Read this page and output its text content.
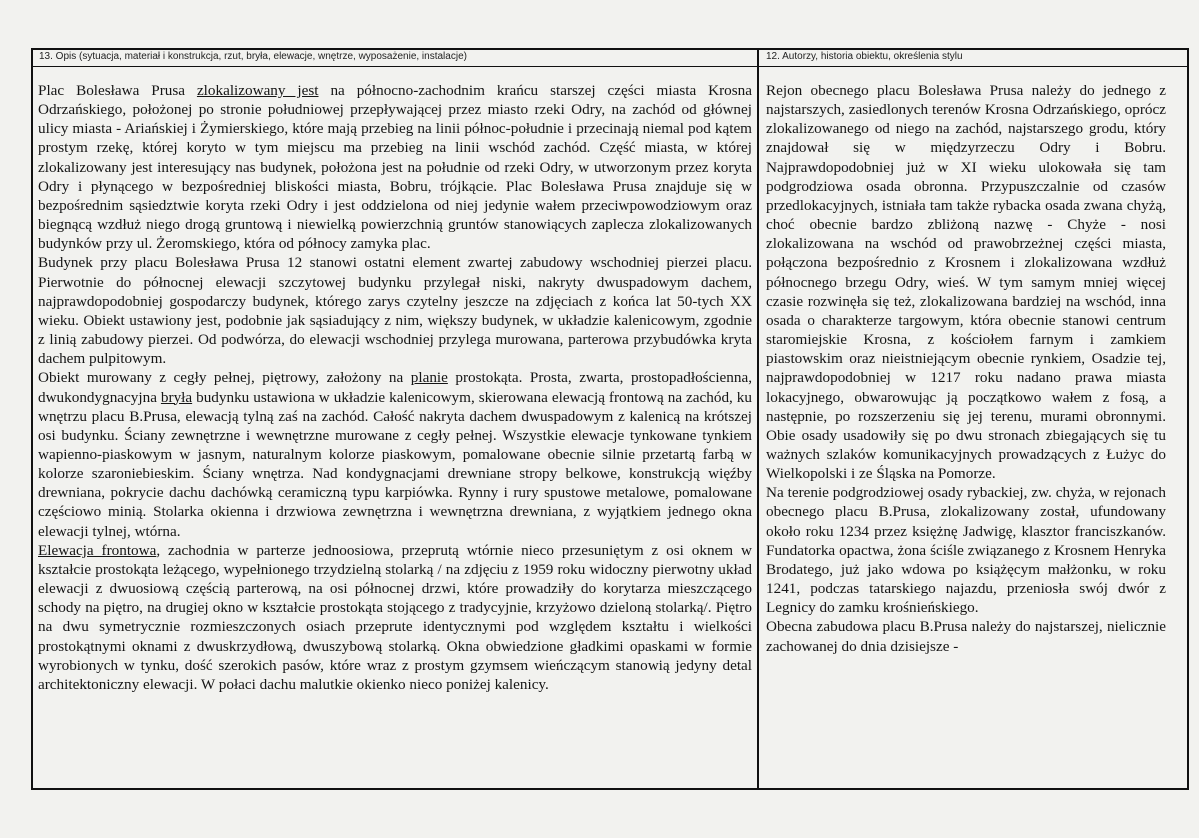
13. Opis (sytuacja, materiał i konstrukcja, rzut, bryła, elewacje, wnętrze, wyposażenie, instalacje)	12. Autorzy, historia obiektu, określenia stylu

Plac Bolesława Prusa zlokalizowany jest na północno-zachodnim krańcu starszej części miasta Krosna Odrzańskiego, położonej po stronie południowej przepływającej przez miasto rzeki Odry, na zachód od głównej ulicy miasta - Ariańskiej i Żymierskiego, które mają przebieg na linii północ-południe i przecinają niemal pod kątem prostym rzekę, której koryto w tym miejscu ma przebieg na linii wschód zachód. Część miasta, w której zlokalizowany jest interesujący nas budynek, położona jest na południe od rzeki Odry, w utworzonym przez koryta Odry i płynącego w bezpośredniej bliskości miasta, Bobru, trójkącie. Plac Bolesława Prusa znajduje się w bezpośrednim sąsiedztwie koryta rzeki Odry i jest oddzielona od niej jedynie wałem przeciwpowodziowym oraz biegnącą wzdłuż niego drogą gruntową i niewielką powierzchnią gruntów stanowiących zaplecza zlokalizowanych budynków przy ul. Żeromskiego, która od północy zamyka plac.

Budynek przy placu Bolesława Prusa 12 stanowi ostatni element zwartej zabudowy wschodniej pierzei placu. Pierwotnie do północnej elewacji szczytowej budynku przylegał niski, nakryty dwuspadowym dachem, najprawdopodobniej gospodarczy budynek, którego zarys czytelny jeszcze na zdjęciach z końca lat 50-tych XX wieku. Obiekt ustawiony jest, podobnie jak sąsiadujący z nim, większy budynek, w układzie kalenicowym, zgodnie z linią zabudowy pierzei. Od podwórza, do elewacji wschodniej przylega murowana, parterowa przybudówka kryta dachem pulpitowym.

Obiekt murowany z cegły pełnej, piętrowy, założony na planie prostokąta. Prosta, zwarta, prostopadłościenna, dwukondygnacyjna bryła budynku ustawiona w układzie kalenicowym, skierowana elewacją frontową na zachód, ku wnętrzu placu B.Prusa, elewacją tylną zaś na zachód. Całość nakryta dachem dwuspadowym z kalenicą na krótszej osi budynku. Ściany zewnętrzne i wewnętrzne murowane z cegły pełnej. Wszystkie elewacje tynkowane tynkiem wapienno-piaskowym w jasnym, naturalnym kolorze piaskowym, pomalowane obecnie silnie przetartą farbą w kolorze szaroniebieskim. Ściany wnętrza. Nad kondygnacjami drewniane stropy belkowe, konstrukcją więźby drewniana, pokrycie dachu dachówką ceramiczną typu karpiówka. Rynny i rury spustowe metalowe, pomalowane częściowo minią. Stolarka okienna i drzwiowa zewnętrzna i wewnętrzna drewniana, z wyjątkiem jednego okna elewacji tylnej, wtórna.

Elewacja frontowa, zachodnia w parterze jednoosiowa, przeprutą wtórnie nieco przesuniętym z osi oknem w kształcie prostokąta leżącego, wypełnionego trzydzielną stolarką / na zdjęciu z 1959 roku widoczny pierwotny układ elewacji z dwuosiową częścią parterową, na osi północnej drzwi, które prowadziły do korytarza mieszczącego schody na piętro, na drugiej okno w kształcie prostokąta stojącego z tradycyjnie, krzyżowo dzieloną stolarką/. Piętro na dwu symetrycznie rozmieszczonych osiach przeprute identycznymi pod względem kształtu i wielkości prostokątnymi oknami z dwuskrzydłową, dwuszybową stolarką. Okna obwiedzione gładkimi opaskami w formie wyrobionych w tynku, dość szerokich pasów, które wraz z prostym gzymsem wieńczącym stanowią jedyny detal architektoniczny elewacji. W połaci dachu malutkie okienko nieco poniżej kalenicy.

Rejon obecnego placu Bolesława Prusa należy do jednego z najstarszych, zasiedlonych terenów Krosna Odrzańskiego, oprócz zlokalizowanego od niego na zachód, najstarszego grodu, który znajdował się w międzyrzeczu Odry i Bobru. Najprawdopodobniej już w XI wieku ulokowała się tam podgrodziowa osada obronna. Przypuszczalnie od czasów przedlokacyjnych, istniała tam także rybacka osada zwana chyżą, choć obecnie bardzo zbliżoną nazwę - Chyże - nosi zlokalizowana na wschód od prawobrzeżnej części miasta, połączona bezpośrednio z Krosnem i zlokalizowana wzdłuż północnego brzegu Odry, wieś. W tym samym mniej więcej czasie rozwinęła się też, zlokalizowana bardziej na wschód, inna osada o charakterze targowym, która obecnie stanowi centrum staromiejskie Krosna, z kościołem farnym i zamkiem piastowskim oraz nieistniejącym obecnie rynkiem, Osadzie tej, najprawdopodobniej w 1217 roku nadano prawa miasta lokacyjnego, obwarowując ją początkowo wałem z fosą, a następnie, po rozszerzeniu się jej terenu, murami obronnymi. Obie osady usadowiły się po dwu stronach zbiegających się tu ważnych szlaków komunikacyjnych prowadzących z Łużyc do Wielkopolski i ze Śląska na Pomorze.

Na terenie podgrodziowej osady rybackiej, zw. chyża, w rejonach obecnego placu B.Prusa, zlokalizowany został, ufundowany około roku 1234 przez księżnę Jadwigę, klasztor franciszkanów. Fundatorka opactwa, żona ściśle związanego z Krosnem Henryka Brodatego, już jako wdowa po książęcym małżonku, w roku 1241, podczas tatarskiego najazdu, przeniosła swój dwór z Legnicy do zamku krośnieńskiego.

Obecna zabudowa placu B.Prusa należy do najstarszej, nielicznie zachowanej do dnia dzisiejsze -
